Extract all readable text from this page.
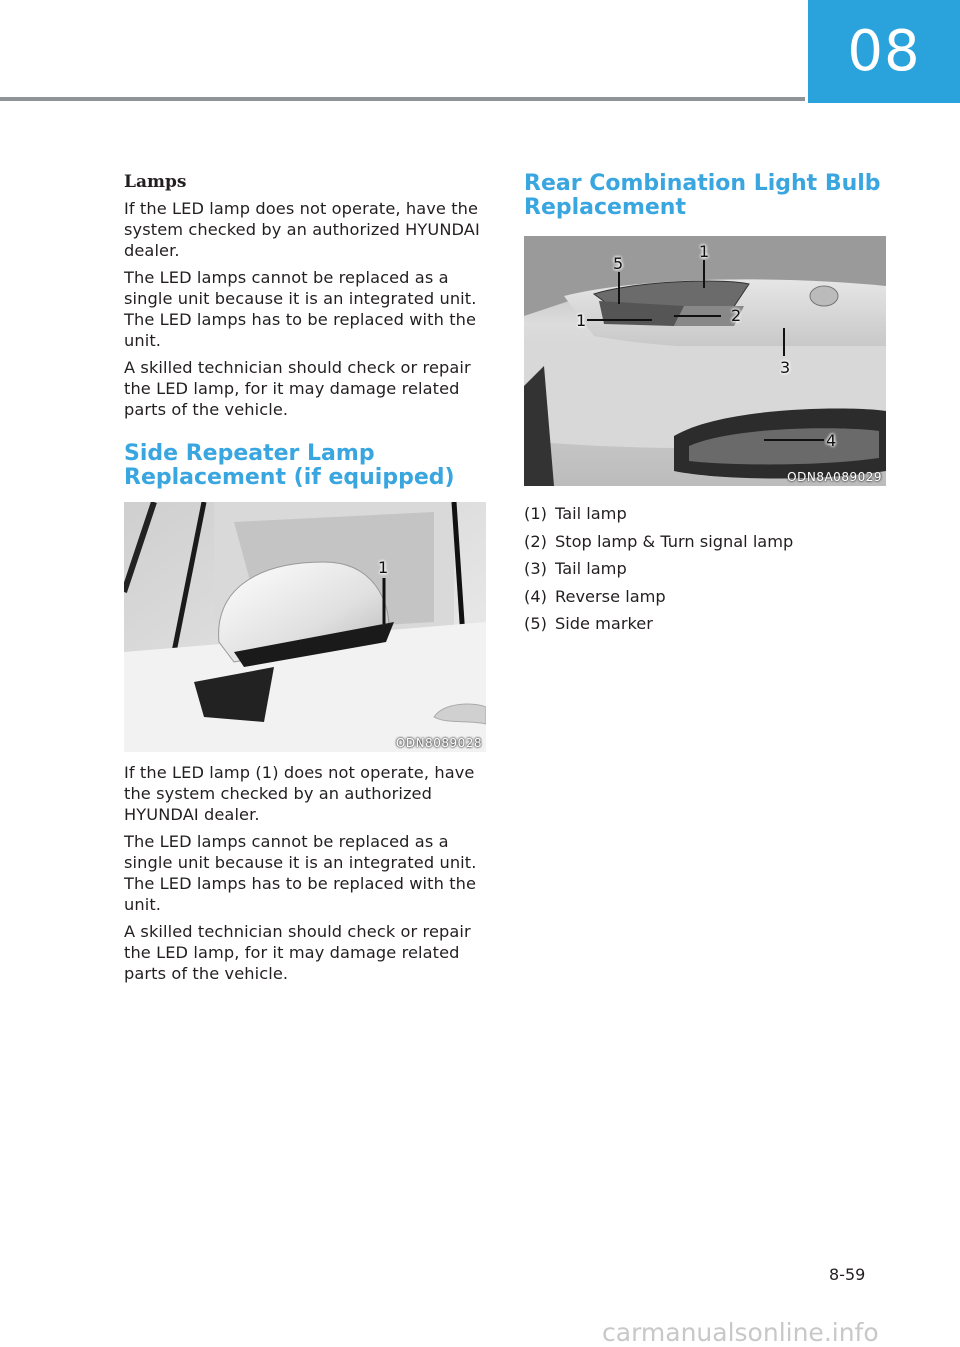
08
Lamps

If the LED lamp does not operate, have the system checked by an authorized HYUNDAI dealer.

The LED lamps cannot be replaced as a single unit because it is an integrated unit. The LED lamps has to be replaced with the unit.

A skilled technician should check or repair the LED lamp, for it may damage related parts of the vehicle.

Side Repeater Lamp Replacement (if equipped)
1
ODN8089028

If the LED lamp (1) does not operate, have the system checked by an authorized HYUNDAI dealer.

The LED lamps cannot be replaced as a single unit because it is an integrated unit. The LED lamps has to be replaced with the unit.

A skilled technician should check or repair the LED lamp, for it may damage related parts of the vehicle.

Rear Combination Light Bulb Replacement
5
1
1
2
3
4
ODN8A089029
(1) Tail lamp
(2) Stop lamp & Turn signal lamp
(3) Tail lamp
(4) Reverse lamp
(5) Side marker
8-59
carmanualsonline.info
